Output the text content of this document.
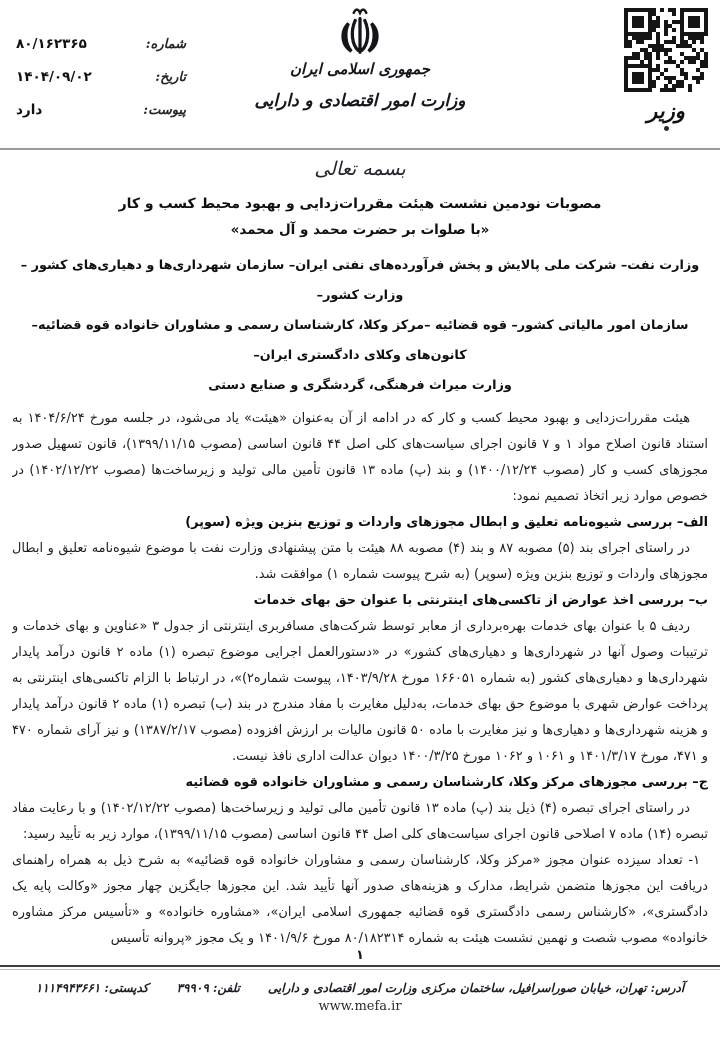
شماره:
۸۰/۱۶۲۳۶۵
تاریخ:
۱۴۰۴/۰۹/۰۲
پیوست:
دارد
جمهوری اسلامی ایران
وزارت امور اقتصادی و دارایی	وزیر
بسمه تعالی
مصوبات نودمین نشست هیئت مقررات‌زدایی و بهبود محیط کسب و کار
«با صلوات بر حضرت محمد و آل محمد»
وزارت نفت– شرکت ملی پالایش و پخش فرآورده‌های نفتی ایران– سازمان شهرداری‌ها و دهیاری‌های کشور –وزارت کشور–
سازمان امور مالیاتی کشور– قوه قضائیه –مرکز وکلا، کارشناسان رسمی و مشاوران خانواده قوه قضائیه– کانون‌های وکلای دادگستری ایران–
وزارت میراث فرهنگی، گردشگری و صنایع دستی

هیئت مقررات‌زدایی و بهبود محیط کسب و کار که در ادامه از آن به‌عنوان «هیئت» یاد می‌شود، در جلسه مورخ ۱۴۰۴/۶/۲۴ به استناد قانون اصلاح مواد ۱ و ۷ قانون اجرای سیاست‌های کلی اصل ۴۴ قانون اساسی (مصوب ۱۳۹۹/۱۱/۱۵)، قانون تسهیل صدور مجوزهای کسب و کار (مصوب ۱۴۰۰/۱۲/۲۴) و بند (پ) ماده ۱۳ قانون تأمین مالی تولید و زیرساخت‌ها (مصوب ۱۴۰۲/۱۲/۲۲) در خصوص موارد زیر اتخاذ تصمیم نمود:

الف– بررسی شیوه‌نامه تعلیق و ابطال مجوزهای واردات و توزیع بنزین ویژه (سوپر)

در راستای اجرای بند (۵) مصوبه ۸۷ و بند (۴) مصوبه ۸۸ هیئت با متن پیشنهادی وزارت نفت با موضوع شیوه‌نامه تعلیق و ابطال مجوزهای واردات و توزیع بنزین ویژه (سوپر) (به شرح پیوست شماره ۱) موافقت شد.

ب– بررسی اخذ عوارض از تاکسی‌های اینترنتی با عنوان حق بهای خدمات

ردیف ۵ با عنوان بهای خدمات بهره‌برداری از معابر توسط شرکت‌های مسافربری اینترنتی از جدول ۳ «عناوین و بهای خدمات و ترتیبات وصول آنها در شهرداری‌ها و دهیاری‌های کشور» در «دستورالعمل اجرایی موضوع تبصره (۱) ماده ۲ قانون درآمد پایدار شهرداری‌ها و دهیاری‌های کشور (به شماره ۱۶۶۰۵۱ مورخ ۱۴۰۳/۹/۲۸، پیوست شماره۲)»، در ارتباط با الزام تاکسی‌های اینترنتی به پرداخت عوارض شهری با موضوع حق بهای خدمات، به‌دلیل مغایرت با مفاد مندرج در بند (ب) تبصره (۱) ماده ۲ قانون درآمد پایدار و هزینه شهرداری‌ها و دهیاری‌ها و نیز مغایرت با ماده ۵۰ قانون مالیات بر ارزش افزوده (مصوب ۱۳۸۷/۲/۱۷) و نیز آرای شماره ۴۷۰ و ۴۷۱، مورخ ۱۴۰۱/۳/۱۷ و ۱۰۶۱ و ۱۰۶۲ مورخ ۱۴۰۰/۳/۲۵ دیوان عدالت اداری نافذ نیست.

ج– بررسی مجوزهای مرکز وکلا، کارشناسان رسمی و مشاوران خانواده قوه قضائیه

در راستای اجرای تبصره (۴) ذیل بند (پ) ماده ۱۳ قانون تأمین مالی تولید و زیرساخت‌ها (مصوب ۱۴۰۲/۱۲/۲۲) و با رعایت مفاد تبصره (۱۴) ماده ۷ اصلاحی قانون اجرای سیاست‌های کلی اصل ۴۴ قانون اساسی (مصوب ۱۳۹۹/۱۱/۱۵)، موارد زیر به تأیید رسید:

۱- تعداد سیزده عنوان مجوز «مرکز وکلا، کارشناسان رسمی و مشاوران خانواده قوه قضائیه» به شرح ذیل به همراه راهنمای دریافت این مجوزها متضمن شرایط، مدارک و هزینه‌های صدور آنها تأیید شد. این مجوزها جایگزین چهار مجوز «وکالت پایه یک دادگستری»، «کارشناس رسمی دادگستری قوه قضائیه جمهوری اسلامی ایران»، «مشاوره خانواده» و «تأسیس مرکز مشاوره خانواده» مصوب شصت و نهمین نشست هیئت به شماره ۸۰/۱۸۲۳۱۴ مورخ ۱۴۰۱/۹/۶ و یک مجوز «پروانه تأسیس

۱
آدرس: تهران، خیابان صوراسرافیل، ساختمان مرکزی وزارت امور اقتصادی و دارایی
تلفن: ۳۹۹۰۹
کدپستی: ۱۱۱۴۹۴۳۶۶۱
www.mefa.ir
